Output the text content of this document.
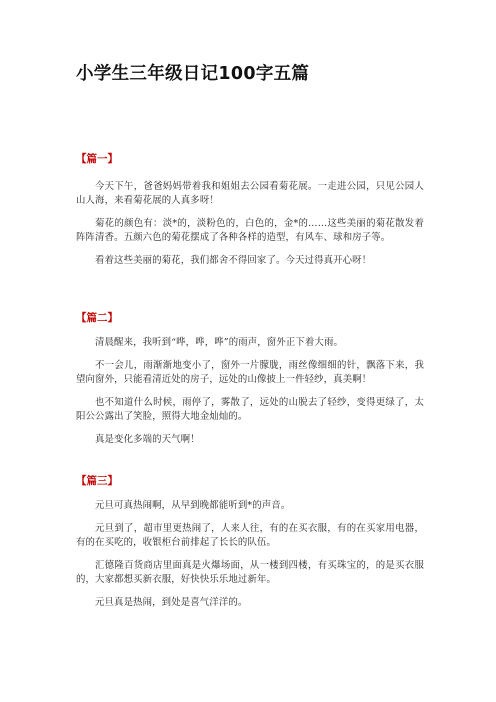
小学生三年级日记100字五篇

【篇一】

今天下午，爸爸妈妈带着我和姐姐去公园看菊花展。一走进公园，只见公园人山人海，来看菊花展的人真多呀！

菊花的颜色有：淡*的，淡粉色的，白色的，金*的……这些美丽的菊花散发着阵阵清香。五颜六色的菊花摆成了各种各样的造型，有风车、球和房子等。

看着这些美丽的菊花，我们都舍不得回家了。今天过得真开心呀！

【篇二】

清晨醒来，我听到“哗，哗，哗”的雨声，窗外正下着大雨。

不一会儿，雨渐渐地变小了，窗外一片朦胧，雨丝像细细的针，飘落下来，我望向窗外，只能看清近处的房子，远处的山像披上一件轻纱，真美啊！

也不知道什么时候，雨停了，雾散了，远处的山脱去了轻纱，变得更绿了，太阳公公露出了笑脸，照得大地金灿灿的。

真是变化多端的天气啊！

【篇三】

元旦可真热闹啊，从早到晚都能听到*的声音。

元旦到了，超市里更热闹了，人来人往，有的在买衣服，有的在买家用电器，有的在买吃的，收银柜台前排起了长长的队伍。

汇德隆百货商店里面真是火爆场面，从一楼到四楼，有买珠宝的，的是买衣服的，大家都想买新衣服，好快快乐乐地过新年。

元旦真是热闹，到处是喜气洋洋的。
